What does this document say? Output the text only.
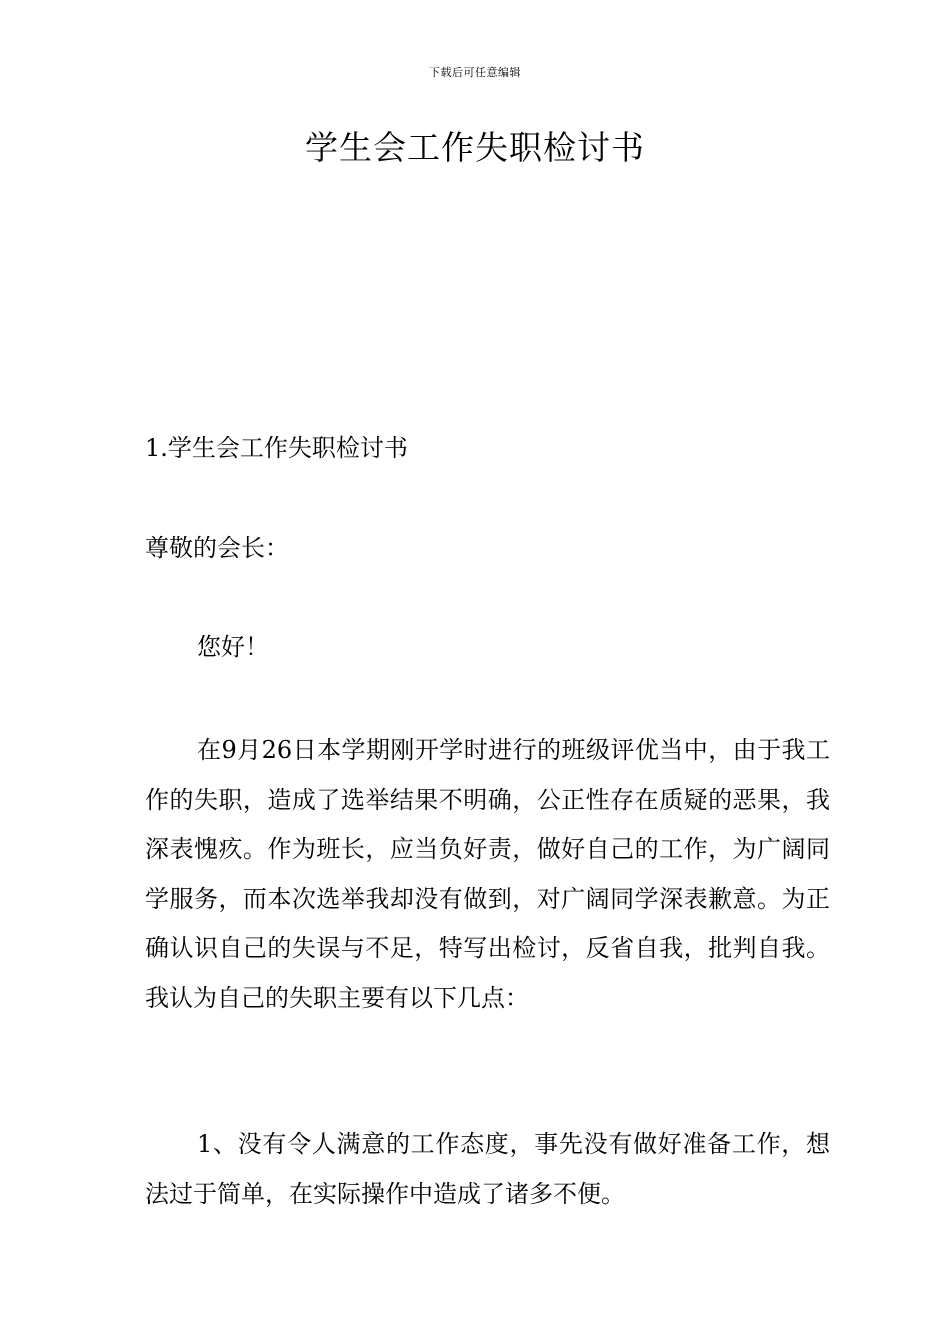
下载后可任意编辑
学生会工作失职检讨书
1.学生会工作失职检讨书
尊敬的会长：
您好！

在9月26日本学期刚开学时进行的班级评优当中，由于我工作的失职，造成了选举结果不明确，公正性存在质疑的恶果，我深表愧疚。作为班长，应当负好责，做好自己的工作，为广阔同学服务，而本次选举我却没有做到，对广阔同学深表歉意。为正确认识自己的失误与不足，特写出检讨，反省自我，批判自我。我认为自己的失职主要有以下几点：

1、没有令人满意的工作态度，事先没有做好准备工作，想法过于简单，在实际操作中造成了诸多不便。
